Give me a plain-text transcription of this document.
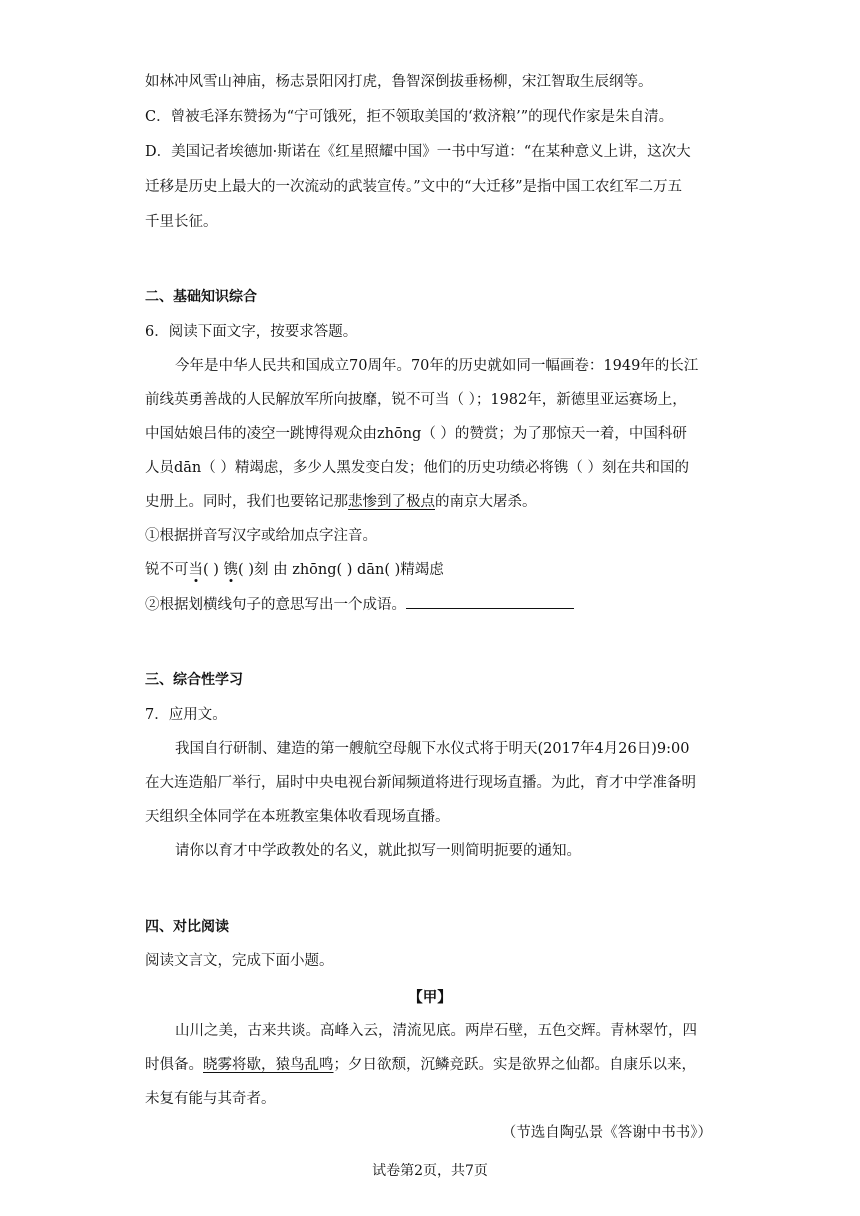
如林冲风雪山神庙，杨志景阳冈打虎，鲁智深倒拔垂杨柳，宋江智取生辰纲等。
C．曾被毛泽东赞扬为“宁可饿死，拒不领取美国的‘救济粮’”的现代作家是朱自清。
D．美国记者埃德加·斯诺在《红星照耀中国》一书中写道：“在某种意义上讲，这次大
迁移是历史上最大的一次流动的武装宣传。”文中的“大迁移”是指中国工农红军二万五
千里长征。
二、基础知识综合
6．阅读下面文字，按要求答题。
今年是中华人民共和国成立70周年。70年的历史就如同一幅画卷：1949年的长江
前线英勇善战的人民解放军所向披靡，锐不可当（ ）；1982年，新德里亚运赛场上，
中国姑娘吕伟的凌空一跳博得观众由zhōng（ ）的赞赏；为了那惊天一着，中国科研
人员dān（ ）精竭虑，多少人黑发变白发；他们的历史功绩必将镌（ ）刻在共和国的
史册上。同时，我们也要铭记那悲惨到了极点的南京大屠杀。
①根据拼音写汉字或给加点字注音。
锐不可当( ) 镌( )刻 由 zhōng( ) dān( )精竭虑
②根据划横线句子的意思写出一个成语。
三、综合性学习
7．应用文。
我国自行研制、建造的第一艘航空母舰下水仪式将于明天(2017年4月26日)9:00
在大连造船厂举行，届时中央电视台新闻频道将进行现场直播。为此，育才中学准备明
天组织全体同学在本班教室集体收看现场直播。
请你以育才中学政教处的名义，就此拟写一则简明扼要的通知。
四、对比阅读
阅读文言文，完成下面小题。
【甲】
山川之美，古来共谈。高峰入云，清流见底。两岸石壁，五色交辉。青林翠竹，四
时俱备。晓雾将歇，猿鸟乱鸣；夕日欲颓，沉鳞竞跃。实是欲界之仙都。自康乐以来，
未复有能与其奇者。
（节选自陶弘景《答谢中书书》）
试卷第2页，共7页
